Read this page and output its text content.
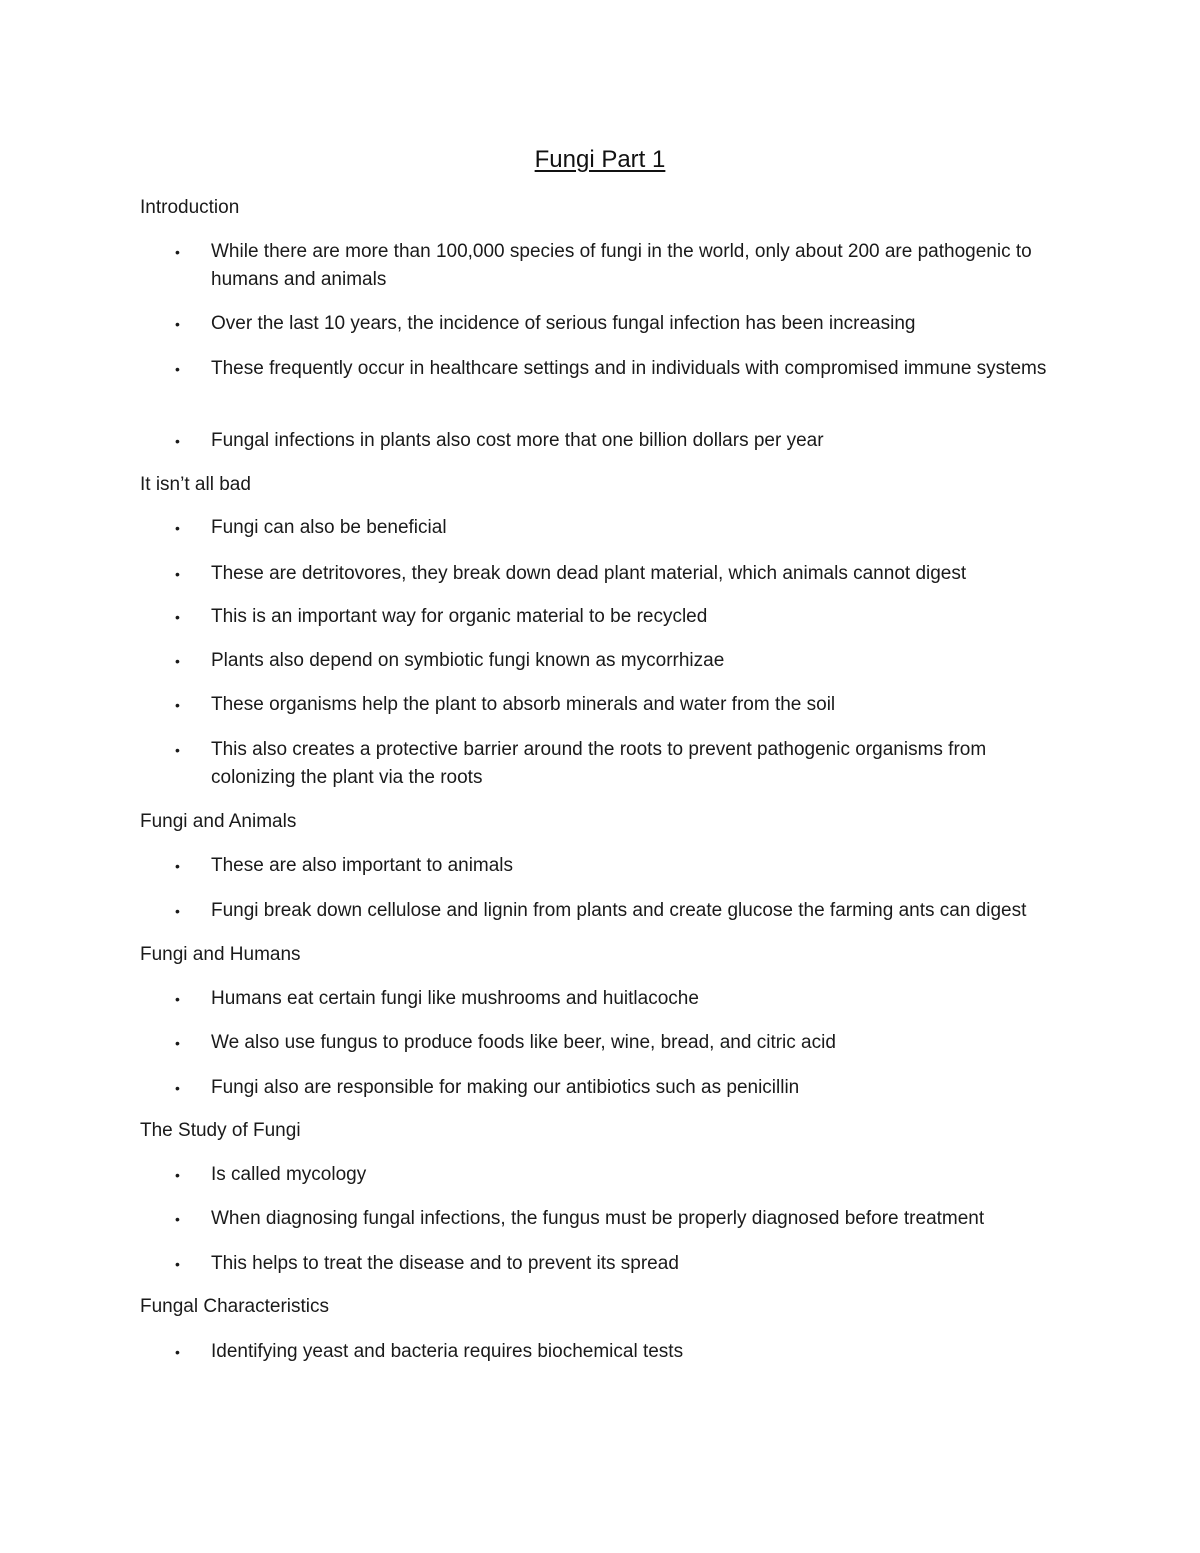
Fungi Part 1
Introduction
•	While there are more than 100,000 species of fungi in the world, only about 200 are pathogenic to humans and animals
•	Over the last 10 years, the incidence of serious fungal infection has been increasing
•	These frequently occur in healthcare settings and in individuals with compromised immune systems
•	Fungal infections in plants also cost more that one billion dollars per year
It isn’t all bad
•	Fungi can also be beneficial
•	These are detritovores, they break down dead plant material, which animals cannot digest
•	This is an important way for organic material to be recycled
•	Plants also depend on symbiotic fungi known as mycorrhizae
•	These organisms help the plant to absorb minerals and water from the soil
•	This also creates a protective barrier around the roots to prevent pathogenic organisms from colonizing the plant via the roots
Fungi and Animals
•	These are also important to animals
•	Fungi break down cellulose and lignin from plants and create glucose the farming ants can digest
Fungi and Humans
•	Humans eat certain fungi like mushrooms and huitlacoche
•	We also use fungus to produce foods like beer, wine, bread, and citric acid
•	Fungi also are responsible for making our antibiotics such as penicillin
The Study of Fungi
•	Is called mycology
•	When diagnosing fungal infections, the fungus must be properly diagnosed before treatment
•	This helps to treat the disease and to prevent its spread
Fungal Characteristics
•	Identifying yeast and bacteria requires biochemical tests
